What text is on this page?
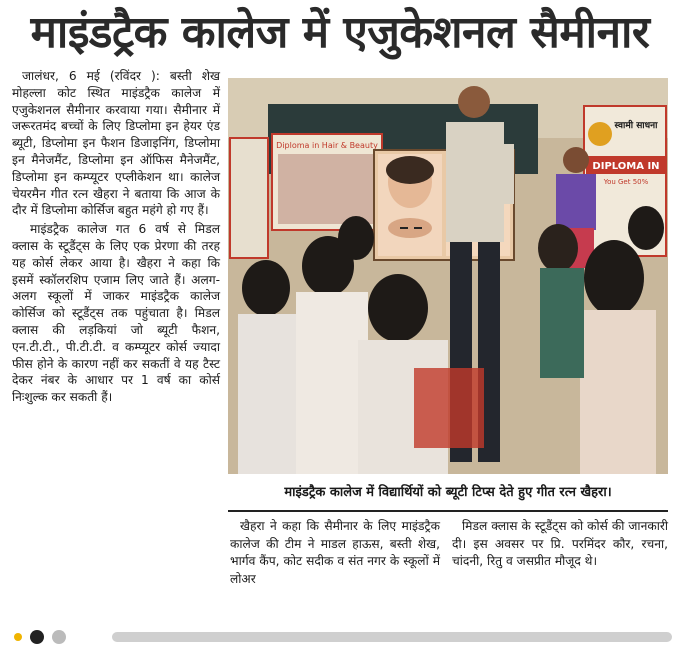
माइंडट्रैक कालेज में एजुकेशनल सैमीनार

जालंधर, 6 मई (रविंदर ): बस्ती शेख मोहल्ला कोट स्थित माइंडट्रैक कालेज में एजुकेशनल सैमीनार करवाया गया। सैमीनार में जरूरतमंद बच्चों के लिए डिप्लोमा इन हेयर एंड ब्यूटी, डिप्लोमा इन फैशन डिजाइनिंग, डिप्लोमा इन मैनेजमैंट, डिप्लोमा इन ऑफिस मैनेजमैंट, डिप्लोमा इन कम्प्यूटर एप्लीकेशन था। कालेज चेयरमैन गीत रत्न खैहरा ने बताया कि आज के दौर में डिप्लोमा कोर्सिज बहुत महंगे हो गए हैं।

माइंडट्रैक कालेज गत 6 वर्ष से मिडल क्लास के स्टूडैंट्स के लिए एक प्रेरणा की तरह यह कोर्स लेकर आया है। खैहरा ने कहा कि इसमें स्कॉलरशिप एजाम लिए जाते हैं। अलग-अलग स्कूलों में जाकर माइंडट्रैक कालेज कोर्सिज को स्टूडैंट्स तक पहुंचाता है। मिडल क्लास की लड़कियां जो ब्यूटी फैशन, एन.टी.टी., पी.टी.टी. व कम्प्यूटर कोर्स ज्यादा फीस होने के कारण नहीं कर सकतीं वे यह टैस्ट देकर नंबर के आधार पर 1 वर्ष का कोर्स निःशुल्क कर सकती हैं।

Diploma in Hair & Beauty
स्वामी साधना
DIPLOMA IN
You Get 50%
माइंडट्रैक कालेज में विद्यार्थियों को ब्यूटी टिप्स देते हुए गीत रत्न खैहरा।

खैहरा ने कहा कि सैमीनार के लिए माइंडट्रैक कालेज की टीम ने माडल हाऊस, बस्ती शेख, भार्गव कैंप, कोट सदीक व संत नगर के स्कूलों में लोअर

मिडल क्लास के स्टूडैंट्स को कोर्स की जानकारी दी। इस अवसर पर प्रि. परमिंदर कौर, रचना, चांदनी, रितु व जसप्रीत मौजूद थे।
